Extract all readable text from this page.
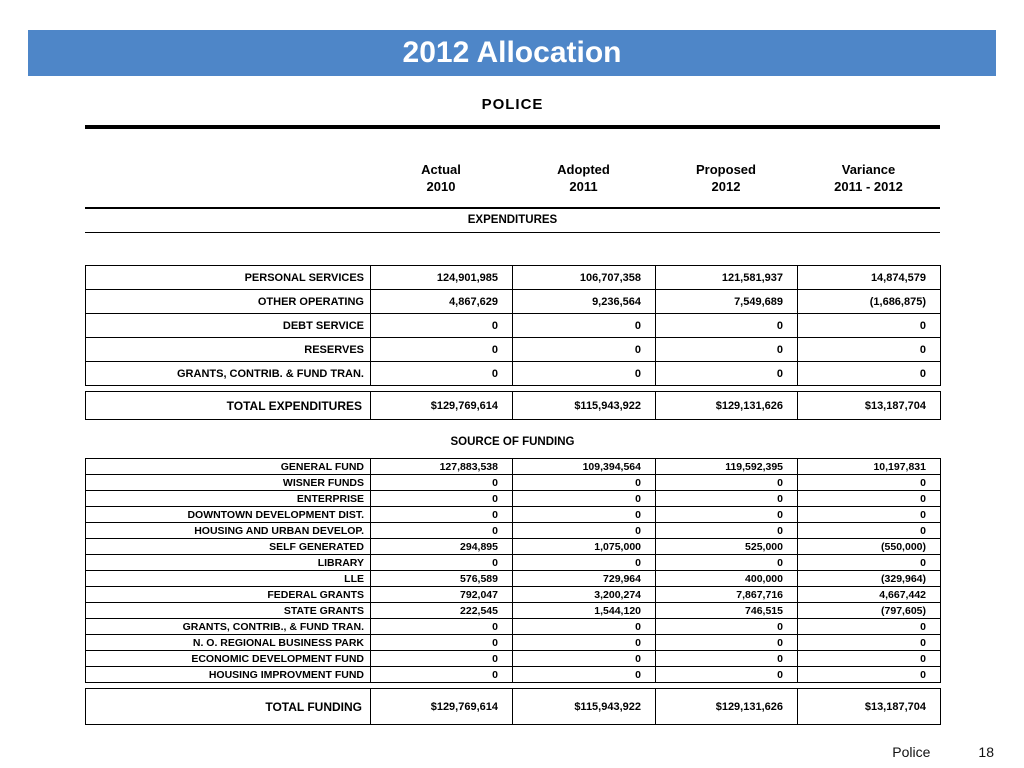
2012 Allocation
POLICE
Actual
2010
Adopted
2011
Proposed
2012
Variance
2011 - 2012
EXPENDITURES
PERSONAL SERVICES	124,901,985	106,707,358	121,581,937	14,874,579
OTHER OPERATING	4,867,629	9,236,564	7,549,689	(1,686,875)
DEBT SERVICE	0	0	0	0
RESERVES	0	0	0	0
GRANTS, CONTRIB. & FUND TRAN.	0	0	0	0
TOTAL EXPENDITURES	$129,769,614	$115,943,922	$129,131,626	$13,187,704
SOURCE OF FUNDING
GENERAL FUND	127,883,538	109,394,564	119,592,395	10,197,831
WISNER FUNDS	0	0	0	0
ENTERPRISE	0	0	0	0
DOWNTOWN DEVELOPMENT DIST.	0	0	0	0
HOUSING AND URBAN DEVELOP.	0	0	0	0
SELF GENERATED	294,895	1,075,000	525,000	(550,000)
LIBRARY	0	0	0	0
LLE	576,589	729,964	400,000	(329,964)
FEDERAL GRANTS	792,047	3,200,274	7,867,716	4,667,442
STATE GRANTS	222,545	1,544,120	746,515	(797,605)
GRANTS, CONTRIB., & FUND TRAN.	0	0	0	0
N. O. REGIONAL BUSINESS PARK	0	0	0	0
ECONOMIC DEVELOPMENT FUND	0	0	0	0
HOUSING IMPROVMENT FUND	0	0	0	0
TOTAL FUNDING	$129,769,614	$115,943,922	$129,131,626	$13,187,704
Police	18
